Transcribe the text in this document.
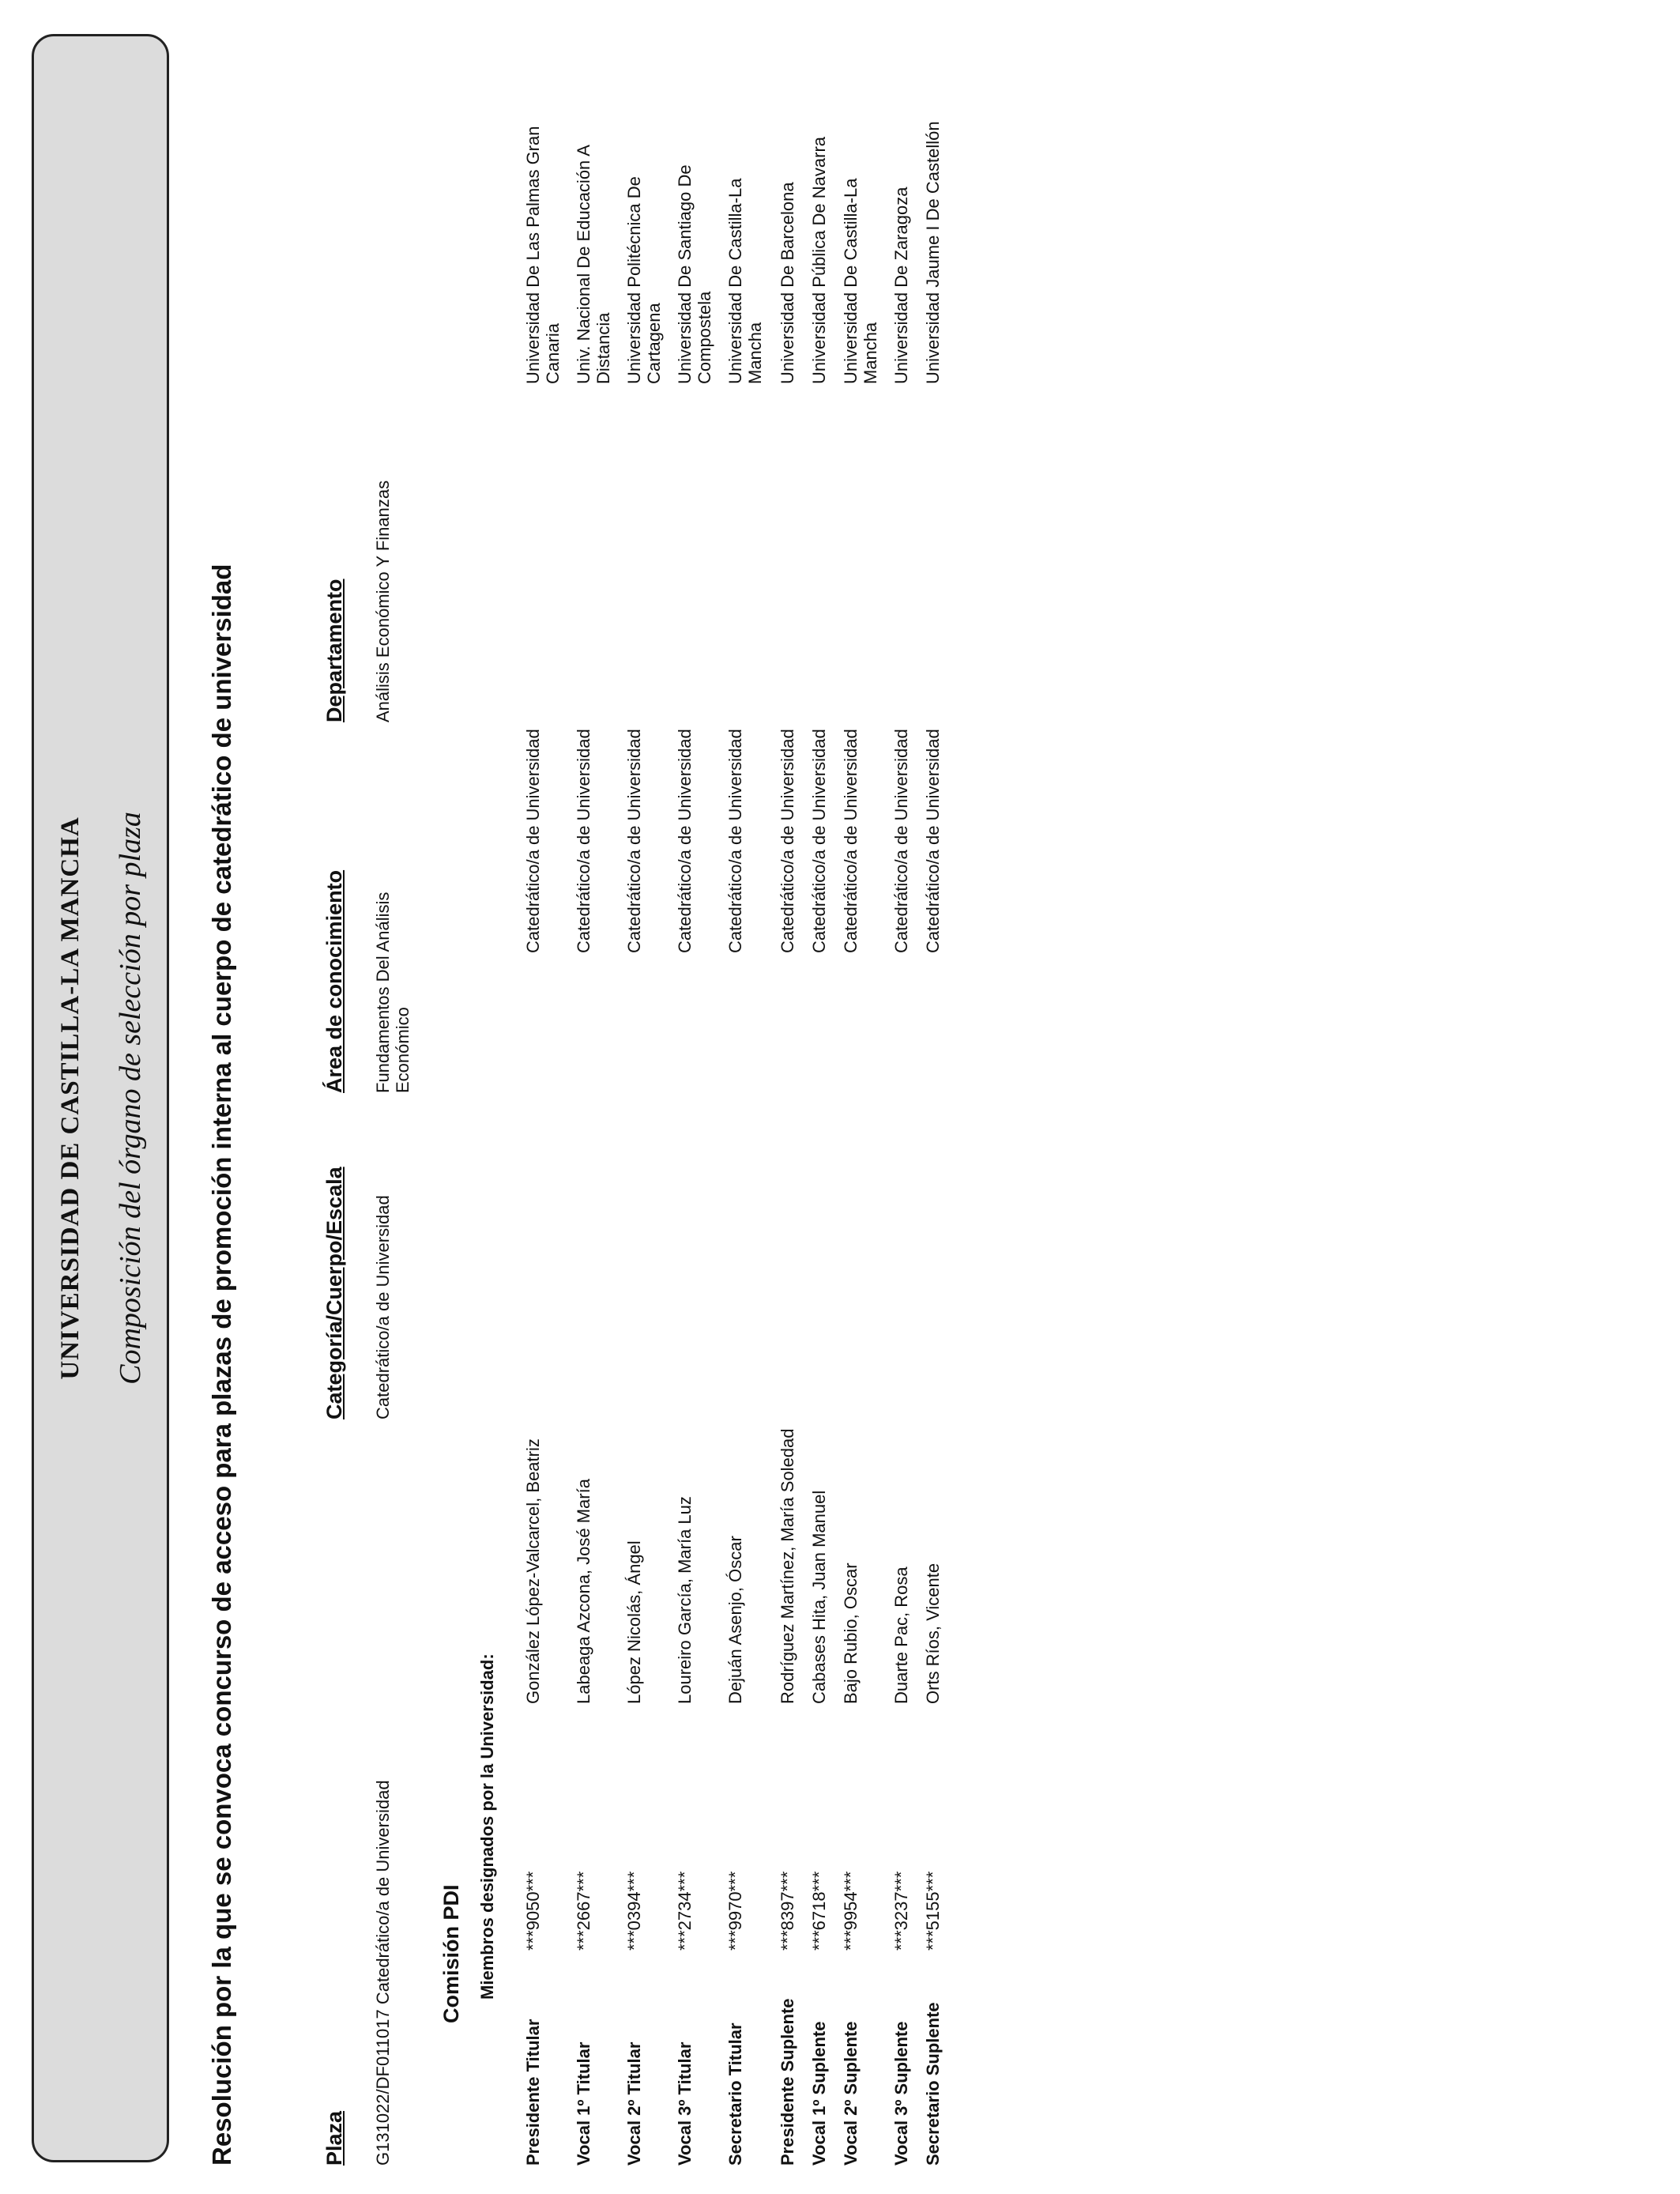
UNIVERSIDAD DE CASTILLA-LA MANCHA Composición del órgano de selección por plaza Resolución por la que se convoca concurso de acceso para plazas de promoción interna al cuerpo de catedrático de universidad	Plaza
Categoría/Cuerpo/Escala
Área de conocimiento
Departamento
G131022/DF011017 Catedrático/a de Universidad
Catedrático/a de Universidad
Fundamentos Del Análisis Económico
Análisis Económico Y Finanzas
Comisión PDI Miembros designados por la Universidad:
Presidente Titular
***9050***
González López-Valcarcel, Beatriz
Catedrático/a de Universidad
Universidad De Las Palmas Gran Canaria
Vocal 1º Titular
***2667***
Labeaga Azcona, José María
Catedrático/a de Universidad
Univ. Nacional De Educación A Distancia
Vocal 2º Titular
***0394***
López Nicolás, Ángel
Catedrático/a de Universidad
Universidad Politécnica De Cartagena
Vocal 3º Titular
***2734***
Loureiro García, María Luz
Catedrático/a de Universidad
Universidad De Santiago De Compostela
Secretario Titular
***9970***
Dejuán Asenjo, Óscar
Catedrático/a de Universidad
Universidad De Castilla-La Mancha
Presidente Suplente
***8397***
Rodríguez Martínez, María Soledad
Catedrático/a de Universidad
Universidad De Barcelona
Vocal 1º Suplente
***6718***
Cabases Hita, Juan Manuel
Catedrático/a de Universidad
Universidad Pública De Navarra
Vocal 2º Suplente
***9954***
Bajo Rubio, Oscar
Catedrático/a de Universidad
Universidad De Castilla-La Mancha
Vocal 3º Suplente
***3237***
Duarte Pac, Rosa
Catedrático/a de Universidad
Universidad De Zaragoza
Secretario Suplente
***5155***
Orts Ríos, Vicente
Catedrático/a de Universidad
Universidad Jaume I De Castellón
